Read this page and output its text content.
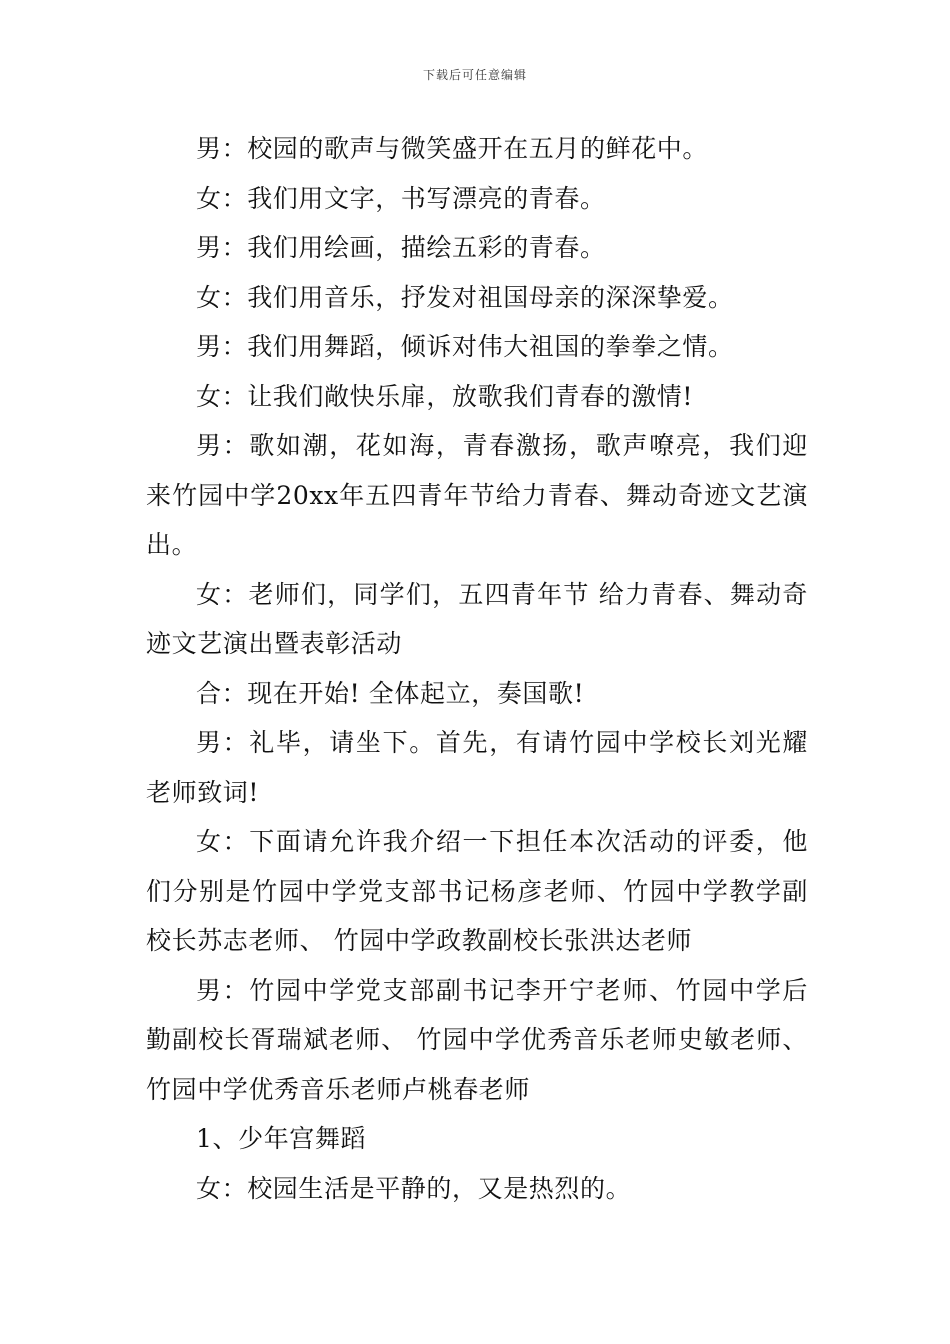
下载后可任意编辑

男：校园的歌声与微笑盛开在五月的鲜花中。

女：我们用文字，书写漂亮的青春。

男：我们用绘画，描绘五彩的青春。

女：我们用音乐，抒发对祖国母亲的深深挚爱。

男：我们用舞蹈，倾诉对伟大祖国的拳拳之情。

女：让我们敞快乐扉，放歌我们青春的激情!

男：歌如潮，花如海，青春激扬，歌声嘹亮，我们迎来竹园中学20xx年五四青年节给力青春、舞动奇迹文艺演出。

女：老师们，同学们，五四青年节 给力青春、舞动奇迹文艺演出暨表彰活动

合：现在开始! 全体起立，奏国歌!

男：礼毕，请坐下。首先，有请竹园中学校长刘光耀老师致词!

女：下面请允许我介绍一下担任本次活动的评委，他们分别是竹园中学党支部书记杨彦老师、竹园中学教学副校长苏志老师、 竹园中学政教副校长张洪达老师

男：竹园中学党支部副书记李开宁老师、竹园中学后勤副校长胥瑞斌老师、 竹园中学优秀音乐老师史敏老师、竹园中学优秀音乐老师卢桃春老师

1、少年宫舞蹈

女：校园生活是平静的，又是热烈的。
